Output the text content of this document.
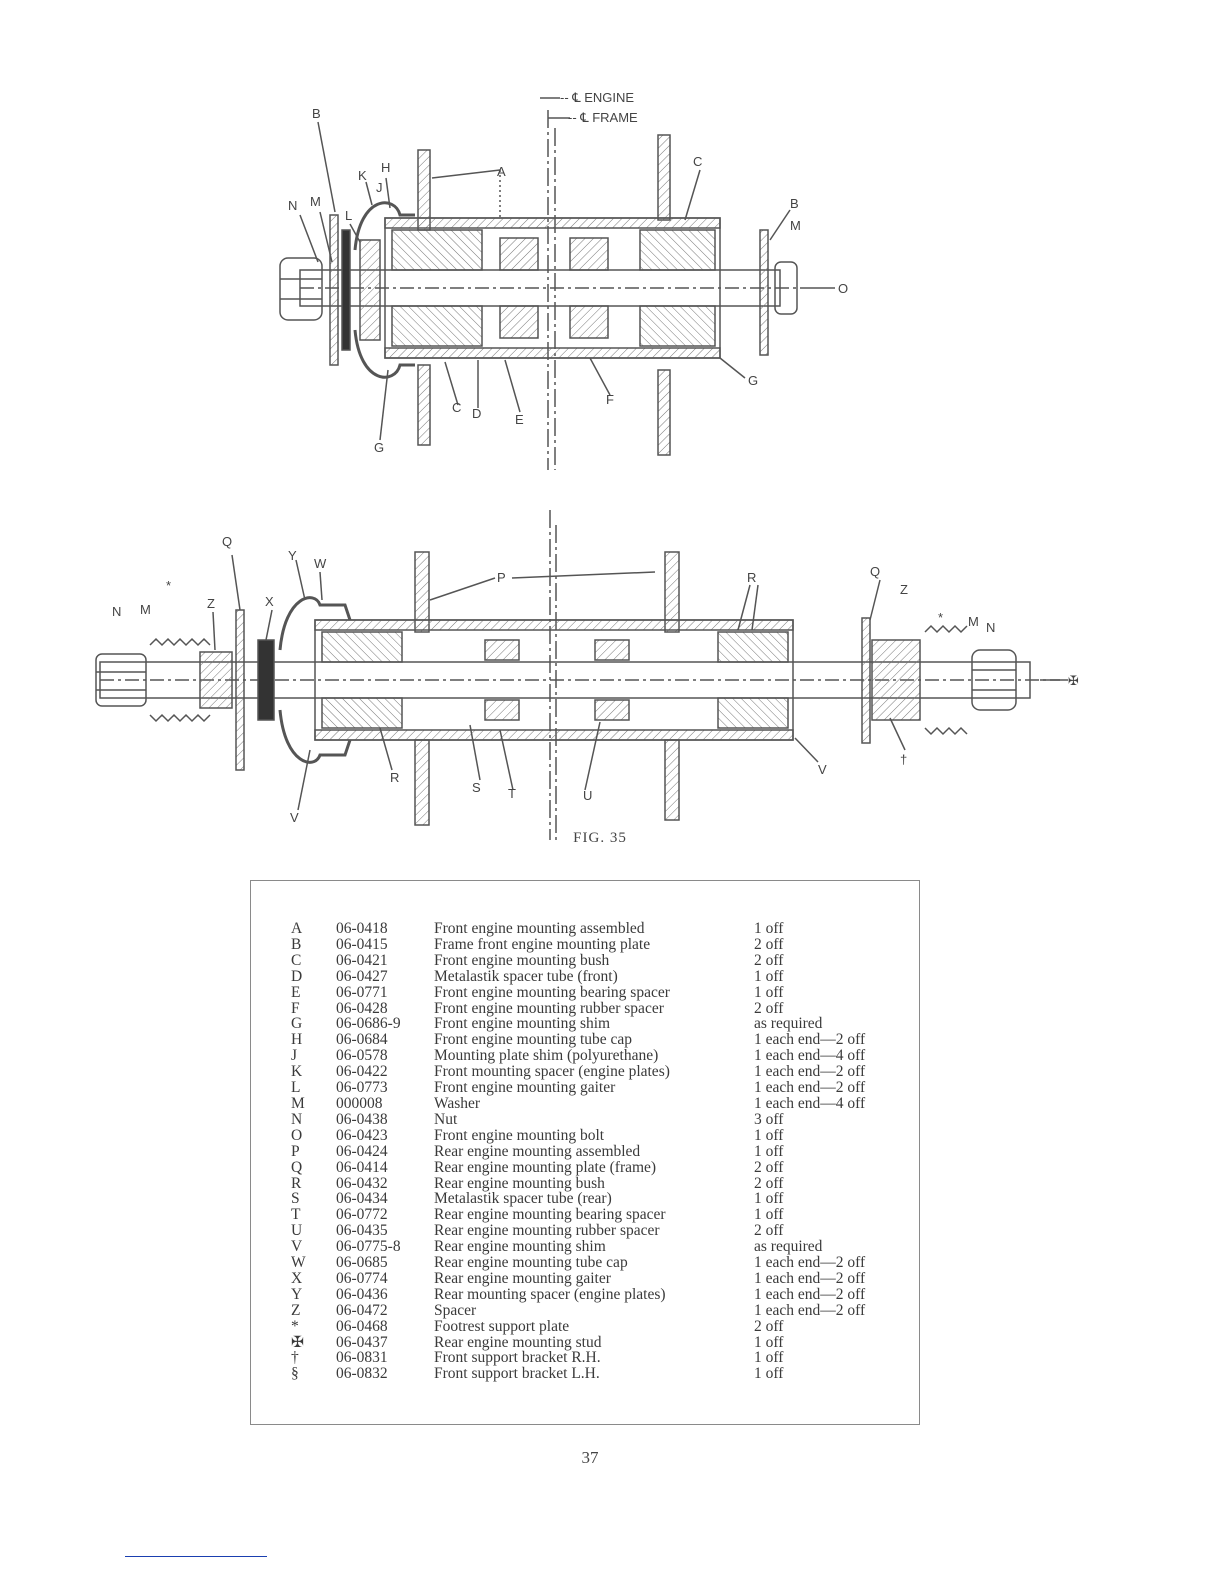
-- ℄ ENGINE
-- ℄ FRAME
B
K
H
J
N M
L
A
C
B
M
O
G
C D	E
F
G
Q
Y
W
*
N M	Z	X
P	R	Q
Z
* M N
✠
R
S T	U
V
†
V
FIG. 35
A	06-0418	Front engine mounting assembled	1 off
B	06-0415	Frame front engine mounting plate	2 off
C	06-0421	Front engine mounting bush	2 off
D	06-0427	Metalastik spacer tube (front)	1 off
E	06-0771	Front engine mounting bearing spacer	1 off
F	06-0428	Front engine mounting rubber spacer	2 off
G	06-0686-9	Front engine mounting shim	as required
H	06-0684	Front engine mounting tube cap	1 each end—2 off
J	06-0578	Mounting plate shim (polyurethane)	1 each end—4 off
K	06-0422	Front mounting spacer (engine plates)	1 each end—2 off
L	06-0773	Front engine mounting gaiter	1 each end—2 off
M	000008	Washer	1 each end—4 off
N	06-0438	Nut	3 off
O	06-0423	Front engine mounting bolt	1 off
P	06-0424	Rear engine mounting assembled	1 off
Q	06-0414	Rear engine mounting plate (frame)	2 off
R	06-0432	Rear engine mounting bush	2 off
S	06-0434	Metalastik spacer tube (rear)	1 off
T	06-0772	Rear engine mounting bearing spacer	1 off
U	06-0435	Rear engine mounting rubber spacer	2 off
V	06-0775-8	Rear engine mounting shim	as required
W	06-0685	Rear engine mounting tube cap	1 each end—2 off
X	06-0774	Rear engine mounting gaiter	1 each end—2 off
Y	06-0436	Rear mounting spacer (engine plates)	1 each end—2 off
Z	06-0472	Spacer	1 each end—2 off
*	06-0468	Footrest support plate	2 off
✠	06-0437	Rear engine mounting stud	1 off
†	06-0831	Front support bracket R.H.	1 off
§	06-0832	Front support bracket L.H.	1 off
37
